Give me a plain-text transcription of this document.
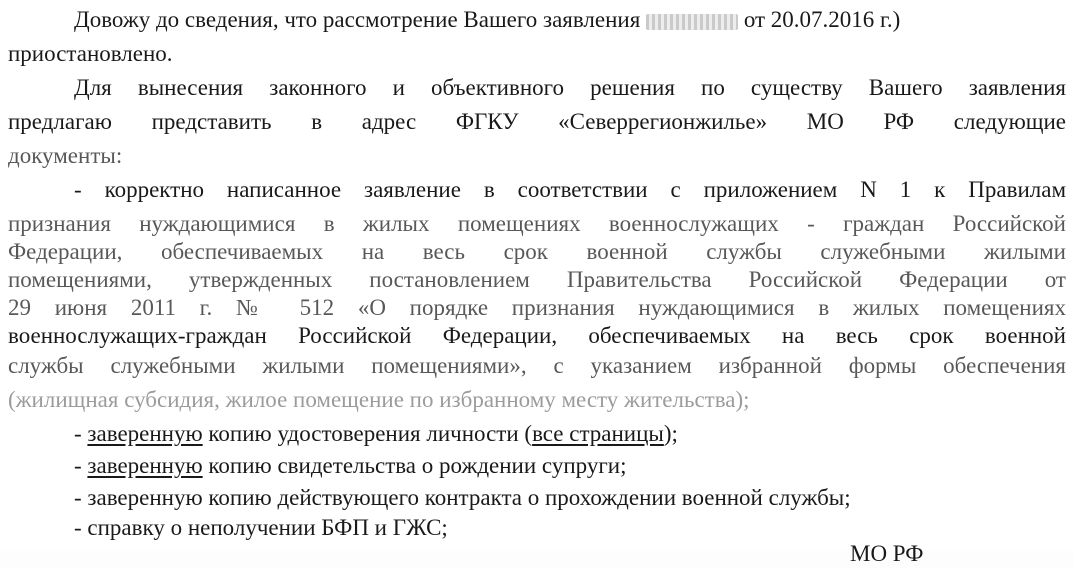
Довожу до сведения, что рассмотрение Вашего заявления	от 20.07.2016 г.)
приостановлено.
Для вынесения законного и объективного решения по существу Вашего заявления
предлагаю представить в адрес ФГКУ «Северрегионжилье» МО РФ следующие
документы:
- корректно написанное заявление в соответствии с приложением N 1 к Правилам
признания нуждающимися в жилых помещениях военнослужащих - граждан Российской
Федерации, обеспечиваемых на весь срок военной службы служебными жилыми
помещениями, утвержденных постановлением Правительства Российской Федерации от
29 июня 2011 г. № 512 «О порядке признания нуждающимися в жилых помещениях
военнослужащих-граждан Российской Федерации, обеспечиваемых на весь срок военной
службы служебными жилыми помещениями», с указанием избранной формы обеспечения
(жилищная субсидия, жилое помещение по избранному месту жительства);
- заверенную копию удостоверения личности (все страницы);
- заверенную копию свидетельства о рождении супруги;
- заверенную копию действующего контракта о прохождении военной службы;
- справку о неполучении БФП и ГЖС;
МО РФ
